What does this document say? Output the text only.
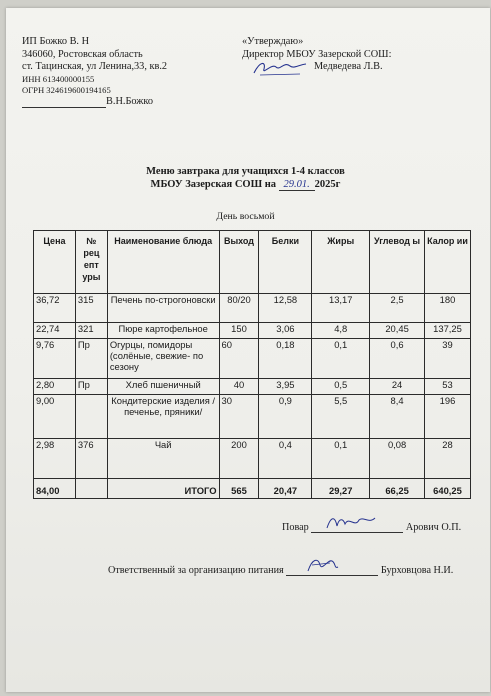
ИП Божко В. Н
346060, Ростовская область
ст. Тацинская, ул Ленина,33, кв.2
ИНН 613400000155
ОГРН 324619600194165
В.Н.Божко
«Утверждаю»
Директор МБОУ Зазерской СОШ:
Медведева Л.В.
Меню завтрака для учащихся 1-4 классов
МБОУ Зазерская СОШ на 29.01. 2025г
День восьмой
Цена	№ рец епт уры	Наименование блюда	Выход	Белки	Жиры	Углевод ы	Калор ии
36,72	315	Печень по-строгоновски	80/20	12,58	13,17	2,5	180
22,74	321	Пюре картофельное	150	3,06	4,8	20,45	137,25
9,76	Пр	Огурцы, помидоры (солёные, свежие- по сезону	60	0,18	0,1	0,6	39
2,80	Пр	Хлеб пшеничный	40	3,95	0,5	24	53
9,00		Кондитерские изделия /печенье, пряники/	30	0,9	5,5	8,4	196
2,98	376	Чай	200	0,4	0,1	0,08	28
84,00		ИТОГО	565	20,47	29,27	66,25	640,25
Повар	Арович О.П.
Ответственный за организацию питания	Бурховцова Н.И.
